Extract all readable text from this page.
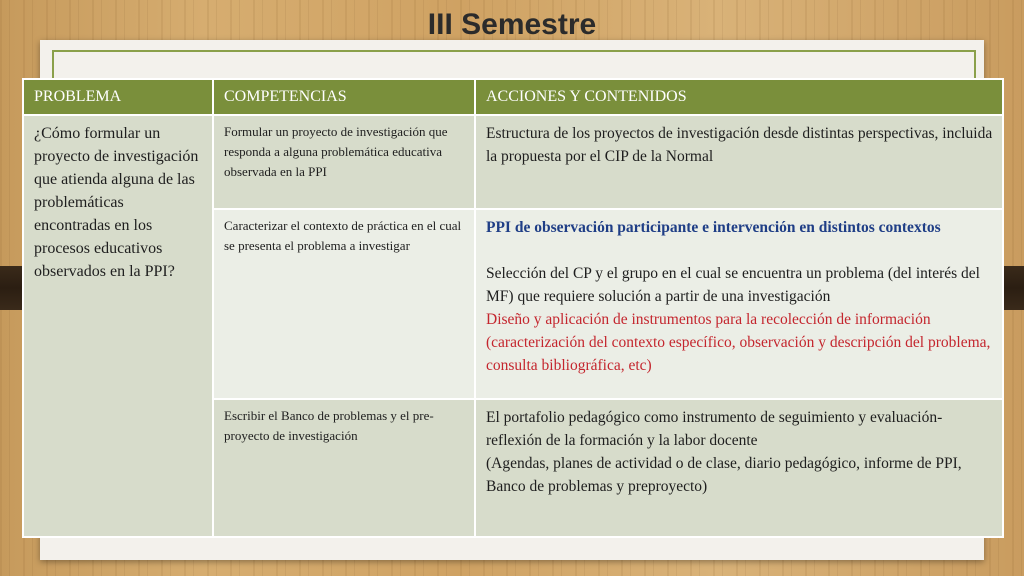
III Semestre
PROBLEMA	COMPETENCIAS	ACCIONES Y CONTENIDOS
¿Cómo formular un proyecto de investigación que atienda alguna de las problemáticas encontradas en los procesos educativos observados en la PPI?	Formular un proyecto de investigación que responda a alguna problemática educativa observada en la PPI	Estructura de los proyectos de investigación desde distintas perspectivas, incluida la propuesta por el CIP de la Normal
	Caracterizar el contexto de práctica en el cual se presenta el problema a investigar	PPI de observación participante e intervención en distintos contextos
Selección del CP y el grupo en el cual se encuentra un problema (del interés del MF) que requiere solución a partir de una investigación
Diseño y aplicación de instrumentos para la recolección de información (caracterización del contexto específico, observación y descripción del problema, consulta bibliográfica, etc)

	Escribir el Banco de problemas y el pre-proyecto de investigación	El portafolio pedagógico como instrumento de seguimiento y evaluación- reflexión de la formación y la labor docente
(Agendas, planes de actividad o de clase, diario pedagógico, informe de PPI, Banco de problemas y preproyecto)
